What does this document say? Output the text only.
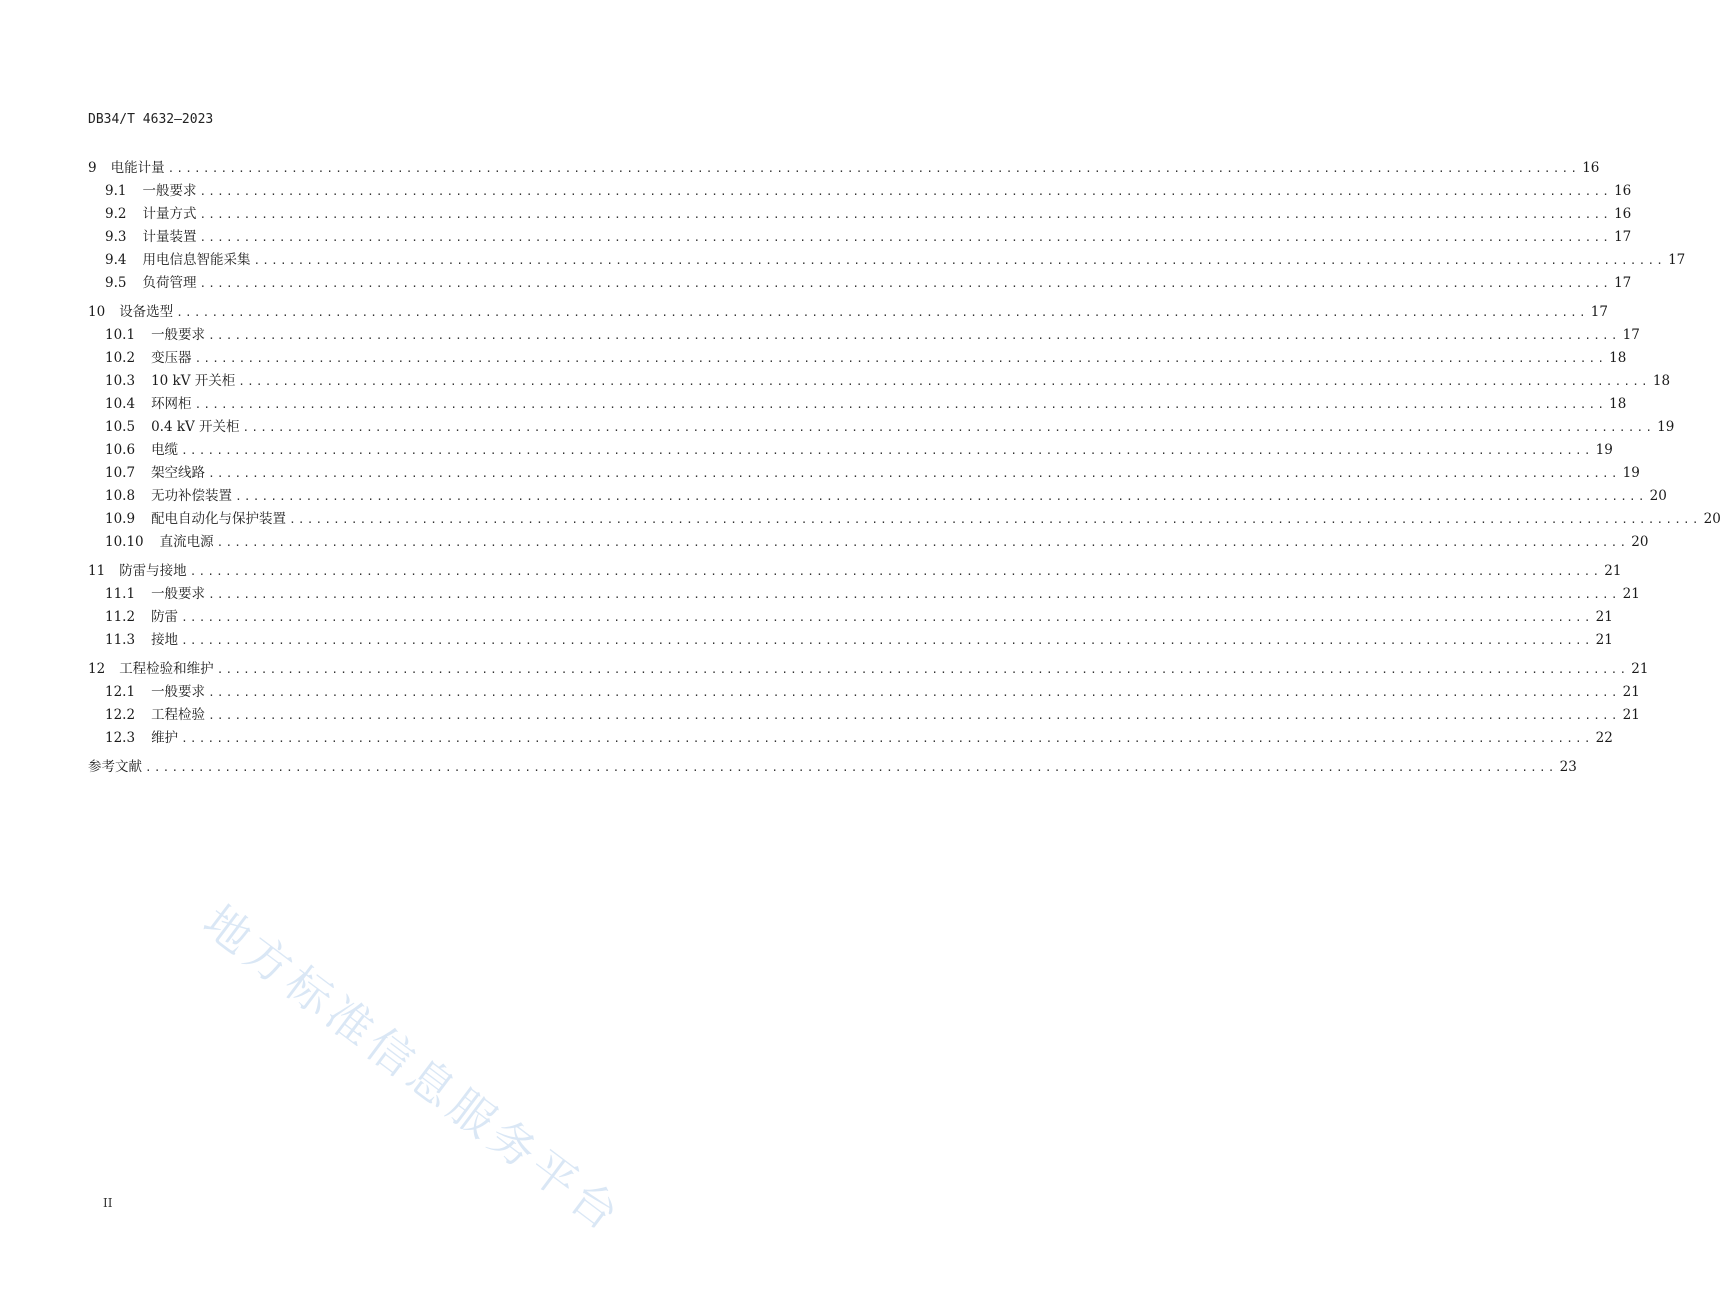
DB34/T 4632—2023
9 电能计量 ................................................................................................................................................................ 16
9.1 一般要求 ................................................................................................................................................................ 16
9.2 计量方式 ................................................................................................................................................................ 16
9.3 计量装置 ................................................................................................................................................................ 17
9.4 用电信息智能采集 ................................................................................................................................................................ 17
9.5 负荷管理 ................................................................................................................................................................ 17
10 设备选型 ................................................................................................................................................................ 17
10.1 一般要求 ................................................................................................................................................................ 17
10.2 变压器 ................................................................................................................................................................ 18
10.3 10 kV 开关柜 ................................................................................................................................................................ 18
10.4 环网柜 ................................................................................................................................................................ 18
10.5 0.4 kV 开关柜 ................................................................................................................................................................ 19
10.6 电缆 ................................................................................................................................................................ 19
10.7 架空线路 ................................................................................................................................................................ 19
10.8 无功补偿装置 ................................................................................................................................................................ 20
10.9 配电自动化与保护装置 ................................................................................................................................................................ 20
10.10 直流电源 ................................................................................................................................................................ 20
11 防雷与接地 ................................................................................................................................................................ 21
11.1 一般要求 ................................................................................................................................................................ 21
11.2 防雷 ................................................................................................................................................................ 21
11.3 接地 ................................................................................................................................................................ 21
12 工程检验和维护 ................................................................................................................................................................ 21
12.1 一般要求 ................................................................................................................................................................ 21
12.2 工程检验 ................................................................................................................................................................ 21
12.3 维护 ................................................................................................................................................................ 22
参考文献 ................................................................................................................................................................ 23
地方标准信息服务平台
II
